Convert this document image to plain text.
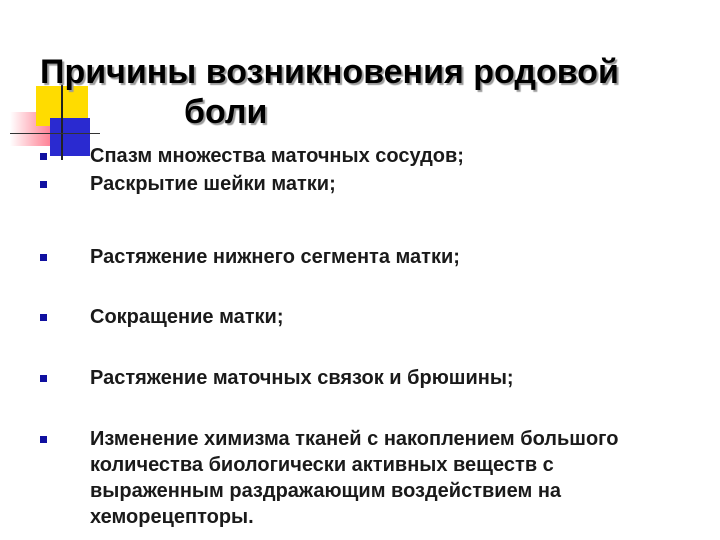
Причины возникновения родовой
боли
Спазм множества маточных сосудов;
Раскрытие шейки матки;
Растяжение нижнего сегмента матки;
Сокращение матки;
Растяжение маточных связок и брюшины;
Изменение химизма тканей с накоплением большого количества биологически активных веществ с выраженным раздражающим воздействием на хеморецепторы.
